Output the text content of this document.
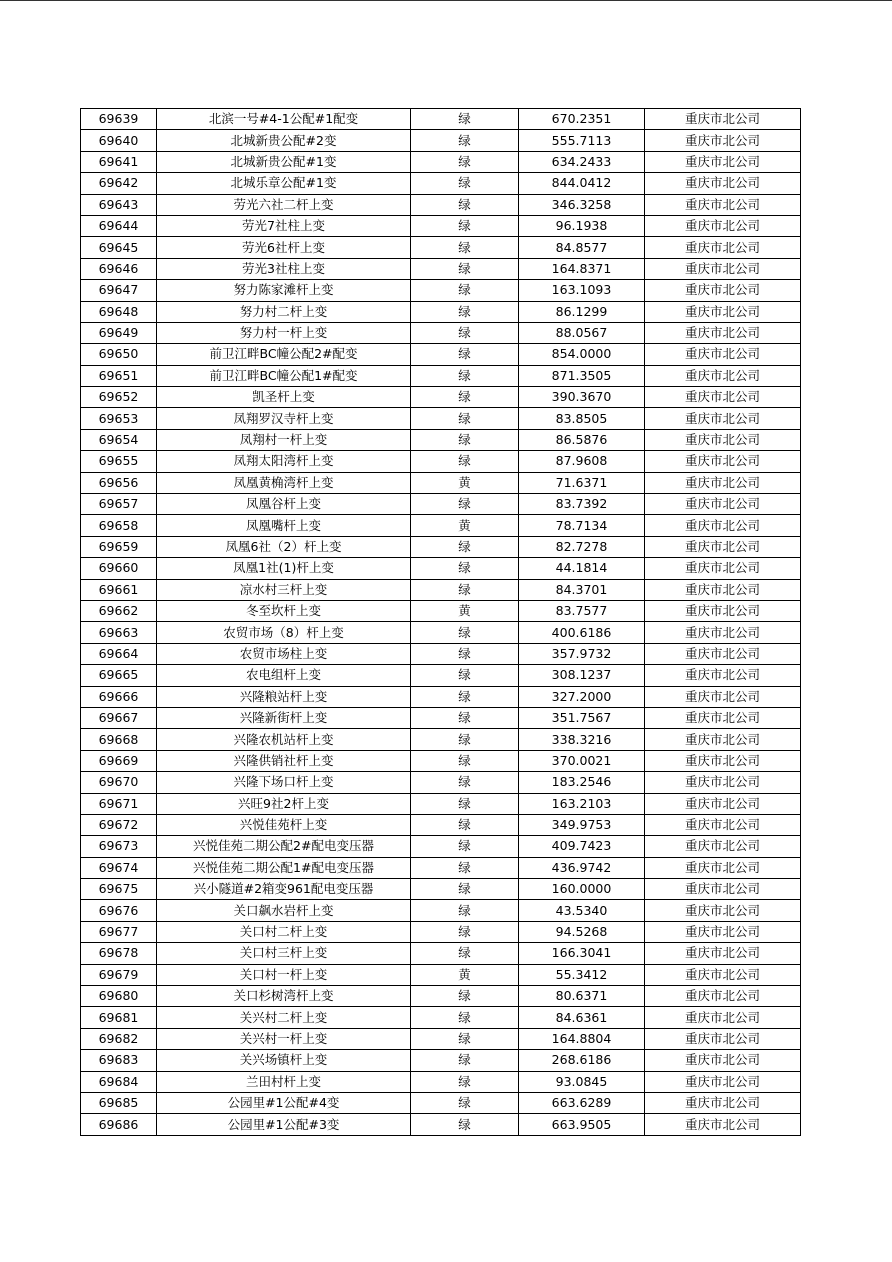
69639	北滨一号#4-1公配#1配变	绿	670.2351	重庆市北公司
69640	北城新贵公配#2变	绿	555.7113	重庆市北公司
69641	北城新贵公配#1变	绿	634.2433	重庆市北公司
69642	北城乐章公配#1变	绿	844.0412	重庆市北公司
69643	劳光六社二杆上变	绿	346.3258	重庆市北公司
69644	劳光7社柱上变	绿	96.1938	重庆市北公司
69645	劳光6社杆上变	绿	84.8577	重庆市北公司
69646	劳光3社柱上变	绿	164.8371	重庆市北公司
69647	努力陈家滩杆上变	绿	163.1093	重庆市北公司
69648	努力村二杆上变	绿	86.1299	重庆市北公司
69649	努力村一杆上变	绿	88.0567	重庆市北公司
69650	前卫江畔BC幢公配2#配变	绿	854.0000	重庆市北公司
69651	前卫江畔BC幢公配1#配变	绿	871.3505	重庆市北公司
69652	凯圣杆上变	绿	390.3670	重庆市北公司
69653	凤翔罗汉寺杆上变	绿	83.8505	重庆市北公司
69654	凤翔村一杆上变	绿	86.5876	重庆市北公司
69655	凤翔太阳湾杆上变	绿	87.9608	重庆市北公司
69656	凤凰黄桷湾杆上变	黄	71.6371	重庆市北公司
69657	凤凰谷杆上变	绿	83.7392	重庆市北公司
69658	凤凰嘴杆上变	黄	78.7134	重庆市北公司
69659	凤凰6社（2）杆上变	绿	82.7278	重庆市北公司
69660	凤凰1社(1)杆上变	绿	44.1814	重庆市北公司
69661	凉水村三杆上变	绿	84.3701	重庆市北公司
69662	冬至坎杆上变	黄	83.7577	重庆市北公司
69663	农贸市场（8）杆上变	绿	400.6186	重庆市北公司
69664	农贸市场柱上变	绿	357.9732	重庆市北公司
69665	农电组杆上变	绿	308.1237	重庆市北公司
69666	兴隆粮站杆上变	绿	327.2000	重庆市北公司
69667	兴隆新街杆上变	绿	351.7567	重庆市北公司
69668	兴隆农机站杆上变	绿	338.3216	重庆市北公司
69669	兴隆供销社杆上变	绿	370.0021	重庆市北公司
69670	兴隆下场口杆上变	绿	183.2546	重庆市北公司
69671	兴旺9社2杆上变	绿	163.2103	重庆市北公司
69672	兴悦佳苑杆上变	绿	349.9753	重庆市北公司
69673	兴悦佳苑二期公配2#配电变压器	绿	409.7423	重庆市北公司
69674	兴悦佳苑二期公配1#配电变压器	绿	436.9742	重庆市北公司
69675	兴小隧道#2箱变961配电变压器	绿	160.0000	重庆市北公司
69676	关口飙水岩杆上变	绿	43.5340	重庆市北公司
69677	关口村二杆上变	绿	94.5268	重庆市北公司
69678	关口村三杆上变	绿	166.3041	重庆市北公司
69679	关口村一杆上变	黄	55.3412	重庆市北公司
69680	关口杉树湾杆上变	绿	80.6371	重庆市北公司
69681	关兴村二杆上变	绿	84.6361	重庆市北公司
69682	关兴村一杆上变	绿	164.8804	重庆市北公司
69683	关兴场镇杆上变	绿	268.6186	重庆市北公司
69684	兰田村杆上变	绿	93.0845	重庆市北公司
69685	公园里#1公配#4变	绿	663.6289	重庆市北公司
69686	公园里#1公配#3变	绿	663.9505	重庆市北公司
